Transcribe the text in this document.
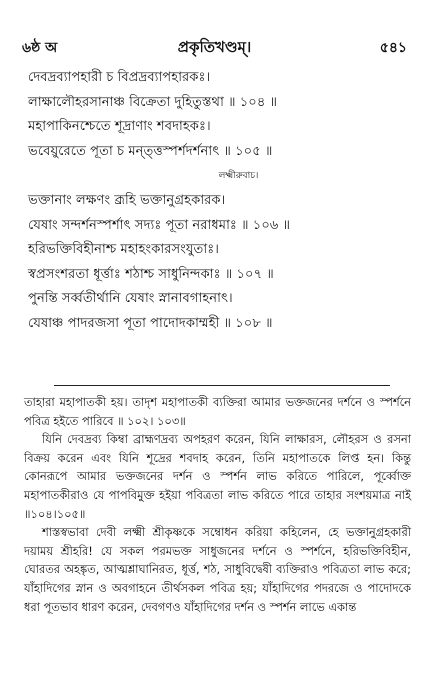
৬ষ্ঠ অ	প্রকৃতিখণ্ডম্‌।	৫৪১
দেবদ্রব্যাপহারী চ বিপ্রদ্রব্যাপহারকঃ।
লাক্ষালৌহরসানাঞ্চ বিক্রেতা দুহিতুস্তথা ॥ ১০৪ ॥
মহাপাকিনশ্চেতে শূদ্রাণাং শবদাহকঃ।
ভবেয়ুরেতে পূতা চ মন্ত্ত্তস্পর্শদর্শনাৎ ॥ ১০৫ ॥
লক্ষ্মীরুবাচ।
ভক্তানাং লক্ষণং ব্রূহি ভক্তানুগ্রহকারক।
যেষাং সন্দর্শনস্পর্শাৎ সদ্যঃ পূতা নরাধমাঃ ॥ ১০৬ ॥
হরিভক্তিবিহীনাশ্চ মহাহংকারসংযুতাঃ।
স্বপ্রসংশরতা ধূর্ত্তাঃ শঠাশ্চ সাধুনিন্দকাঃ ॥ ১০৭ ॥
পুনন্তি সর্ব্বতীর্থানি যেষাং স্নানাবগাহনাৎ।
যেষাঞ্চ পাদরজসা পূতা পাদোদকাম্মহী ॥ ১০৮ ॥

তাহারা মহাপাতকী হয়। তাদৃশ মহাপাতকী ব্যক্তিরা আমার ভক্তজনের দর্শনে ও স্পর্শনে পবিত্র হইতে পারিবে ॥ ১০২। ১০৩॥

যিনি দেবদ্রব্য কিম্বা ব্রাহ্মণদ্রব্য অপহরণ করেন, যিনি লাক্ষারস, লৌহরস ও রসনা বিক্রয় করেন এবং যিনি শূদ্রের শবদাহ করেন, তিনি মহাপাতকে লিপ্ত হন। কিন্তু কোনরূপে আমার ভক্তজনের দর্শন ও স্পর্শন লাভ করিতে পারিলে, পূর্ব্বোক্ত মহাপাতকীরাও যে পাপবিমুক্ত হইয়া পবিত্রতা লাভ করিতে পারে তাহার সংশয়মাত্র নাই ॥১০৪।১০৫॥

শাস্তস্বভাবা দেবী লক্ষ্মী শ্রীকৃষ্ণকে সম্বোধন করিয়া কহিলেন, হে ভক্তানুগ্রহকারী দয়াময় শ্রীহরি! যে সকল পরমভক্ত সাধুজনের দর্শনে ও স্পর্শনে, হরিভক্তিবিহীন, ঘোরতর অহঙ্কৃত, আত্মশ্লাঘানিরত, ধূর্ত্ত, শঠ, সাধুবিদ্বেষী ব্যক্তিরাও পবিত্রতা লাভ করে; যাঁহাদিগের স্নান ও অবগাহনে তীর্থসকল পবিত্র হয়; যাঁহাদিগের পদরজে ও পাদোদকে ধরা পূতভাব ধারণ করেন, দেবগণও যাঁহাদিগের দর্শন ও স্পর্শন লাভে একান্ত
